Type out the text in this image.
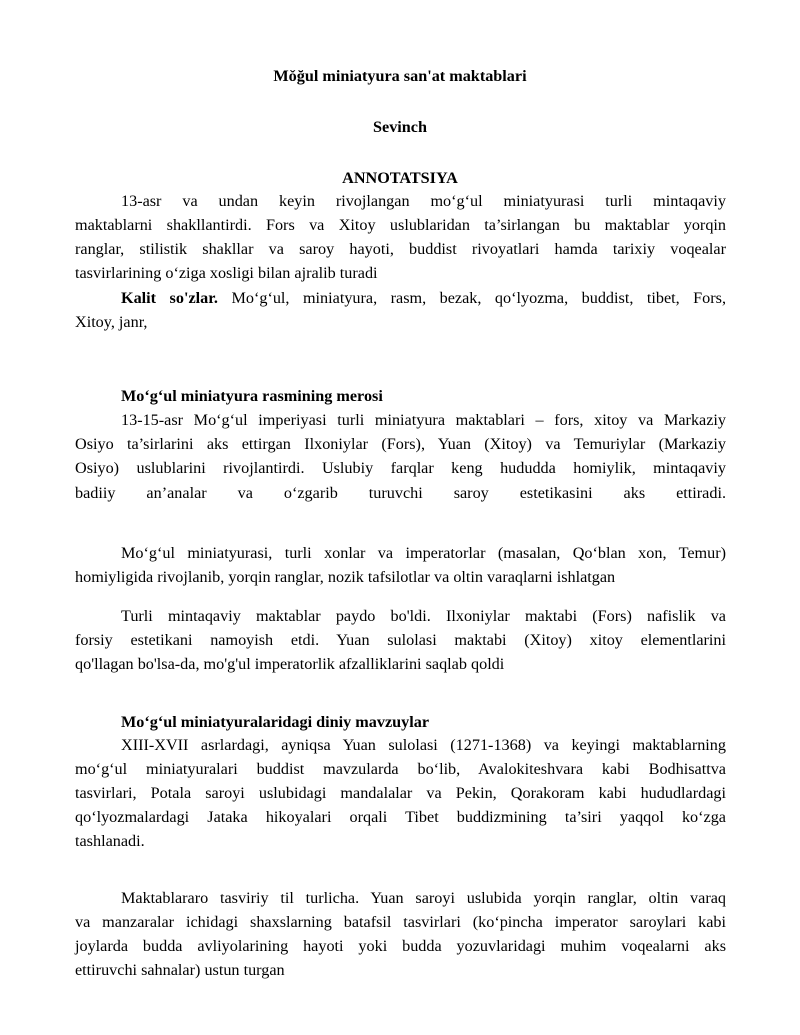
Mǒğul miniatyura san'at maktablari
Sevinch
ANNOTATSIYA
13-asr va undan keyin rivojlangan mo‘g‘ul miniatyurasi turli mintaqaviy
maktablarni shakllantirdi. Fors va Xitoy uslublaridan ta’sirlangan bu maktablar yorqin
ranglar, stilistik shakllar va saroy hayoti, buddist rivoyatlari hamda tarixiy voqealar
tasvirlarining o‘ziga xosligi bilan ajralib turadi
Kalit so'zlar. Mo‘g‘ul, miniatyura, rasm, bezak, qo‘lyozma, buddist, tibet, Fors,
Xitoy, janr,
Mo‘g‘ul miniatyura rasmining merosi
13-15-asr Mo‘g‘ul imperiyasi turli miniatyura maktablari – fors, xitoy va Markaziy
Osiyo ta’sirlarini aks ettirgan Ilxoniylar (Fors), Yuan (Xitoy) va Temuriylar (Markaziy
Osiyo) uslublarini rivojlantirdi. Uslubiy farqlar keng hududda homiylik, mintaqaviy
badiiy an’analar va o‘zgarib turuvchi saroy estetikasini aks ettiradi.
Mo‘g‘ul miniatyurasi, turli xonlar va imperatorlar (masalan, Qo‘blan xon, Temur)
homiyligida rivojlanib, yorqin ranglar, nozik tafsilotlar va oltin varaqlarni ishlatgan
Turli mintaqaviy maktablar paydo bo'ldi. Ilxoniylar maktabi (Fors) nafislik va
forsiy estetikani namoyish etdi. Yuan sulolasi maktabi (Xitoy) xitoy elementlarini
qo'llagan bo'lsa-da, mo'g'ul imperatorlik afzalliklarini saqlab qoldi
Mo‘g‘ul miniatyuralaridagi diniy mavzuylar
XIII-XVII asrlardagi, ayniqsa Yuan sulolasi (1271-1368) va keyingi maktablarning
mo‘g‘ul miniatyuralari buddist mavzularda bo‘lib, Avalokiteshvara kabi Bodhisattva
tasvirlari, Potala saroyi uslubidagi mandalalar va Pekin, Qorakoram kabi hududlardagi
qo‘lyozmalardagi Jataka hikoyalari orqali Tibet buddizmining ta’siri yaqqol ko‘zga
tashlanadi.
Maktablararo tasviriy til turlicha. Yuan saroyi uslubida yorqin ranglar, oltin varaq
va manzaralar ichidagi shaxslarning batafsil tasvirlari (ko‘pincha imperator saroylari kabi
joylarda budda avliyolarining hayoti yoki budda yozuvlaridagi muhim voqealarni aks
ettiruvchi sahnalar) ustun turgan
